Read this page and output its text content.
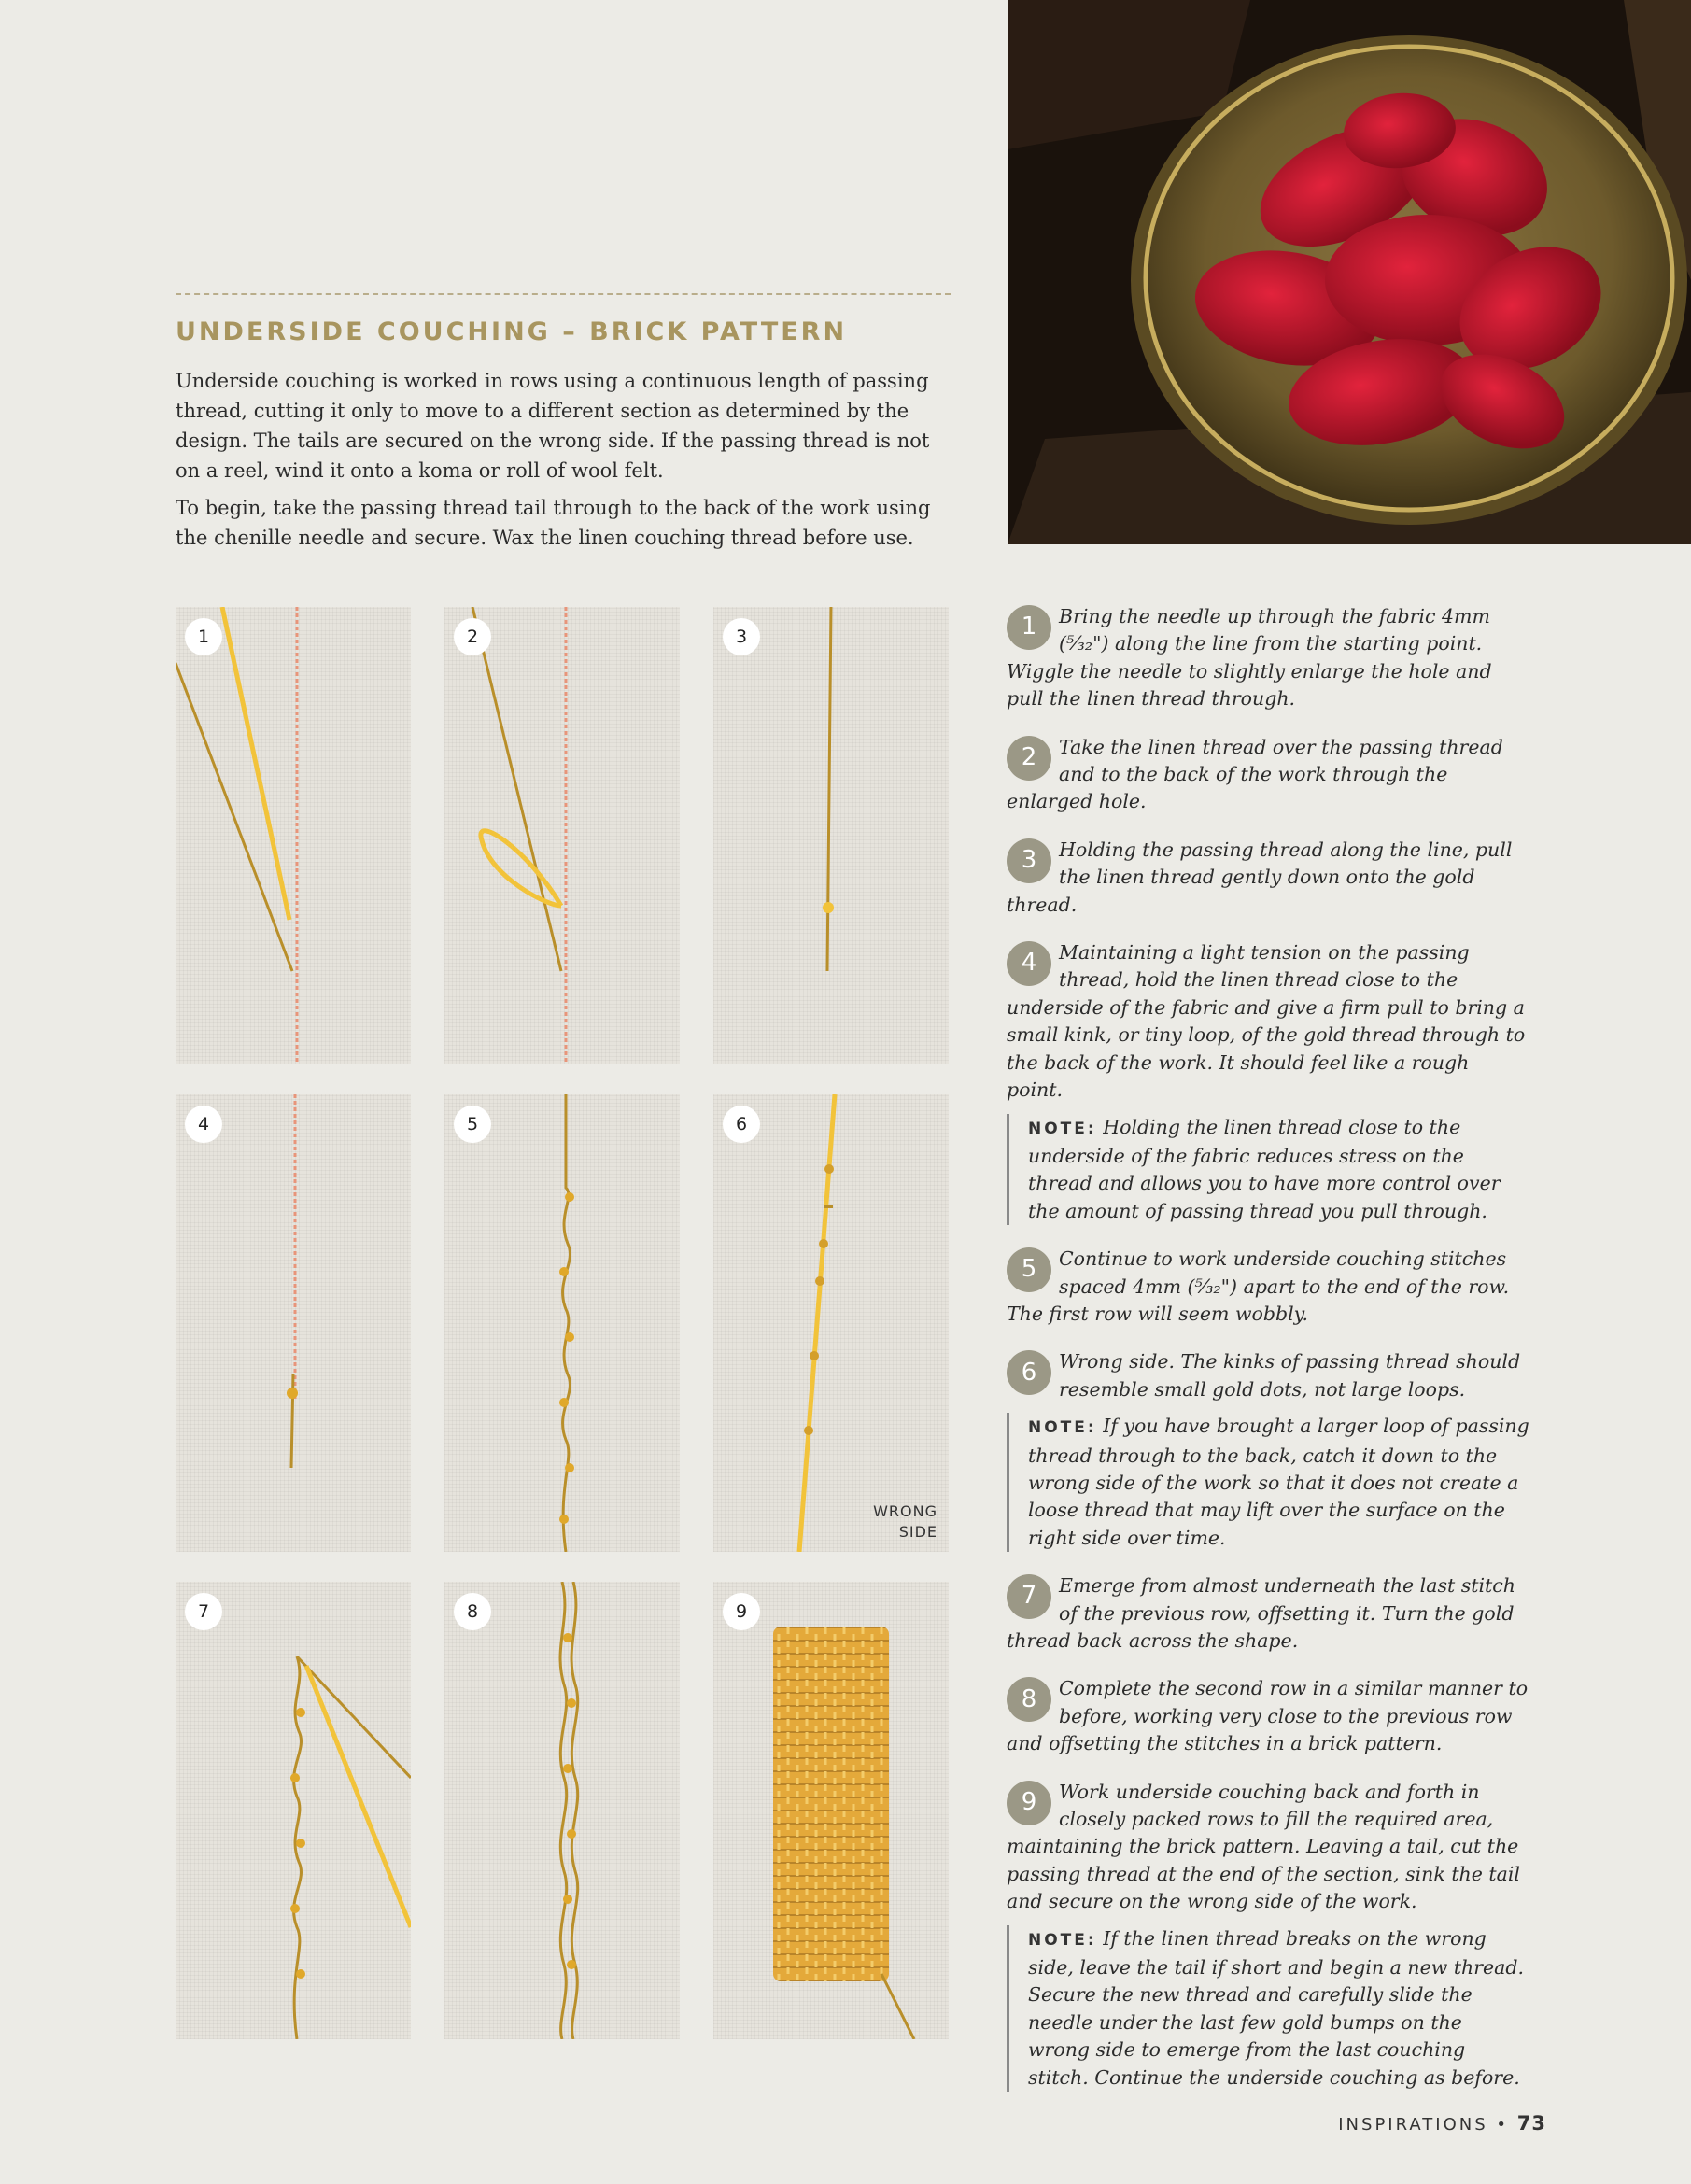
UNDERSIDE COUCHING – BRICK PATTERN

Underside couching is worked in rows using a continuous length of passing thread, cutting it only to move to a different section as determined by the design. The tails are secured on the wrong side. If the passing thread is not on a reel, wind it onto a koma or roll of wool felt.

To begin, take the passing thread tail through to the back of the work using the chenille needle and secure. Wax the linen couching thread before use.

1	2	3
4	5	6
WRONG
SIDE
7	8	9
1	Bring the needle up through the fabric 4mm (⁵⁄₃₂") along the line from the starting point. Wiggle the needle to slightly enlarge the hole and pull the linen thread through.
2	Take the linen thread over the passing thread and to the back of the work through the enlarged hole.
3	Holding the passing thread along the line, pull the linen thread gently down onto the gold thread.
4	Maintaining a light tension on the passing thread, hold the linen thread close to the underside of the fabric and give a firm pull to bring a small kink, or tiny loop, of the gold thread through to the back of the work. It should feel like a rough point.
NOTE: Holding the linen thread close to the underside of the fabric reduces stress on the thread and allows you to have more control over the amount of passing thread you pull through.
5	Continue to work underside couching stitches spaced 4mm (⁵⁄₃₂") apart to the end of the row. The first row will seem wobbly.
6	Wrong side. The kinks of passing thread should resemble small gold dots, not large loops.
NOTE: If you have brought a larger loop of passing thread through to the back, catch it down to the wrong side of the work so that it does not create a loose thread that may lift over the surface on the right side over time.
7	Emerge from almost underneath the last stitch of the previous row, offsetting it. Turn the gold thread back across the shape.
8	Complete the second row in a similar manner to before, working very close to the previous row and offsetting the stitches in a brick pattern.
9	Work underside couching back and forth in closely packed rows to fill the required area, maintaining the brick pattern. Leaving a tail, cut the passing thread at the end of the section, sink the tail and secure on the wrong side of the work.
NOTE: If the linen thread breaks on the wrong side, leave the tail if short and begin a new thread. Secure the new thread and carefully slide the needle under the last few gold bumps on the wrong side to emerge from the last couching stitch. Continue the underside couching as before.
INSPIRATIONS • 73
